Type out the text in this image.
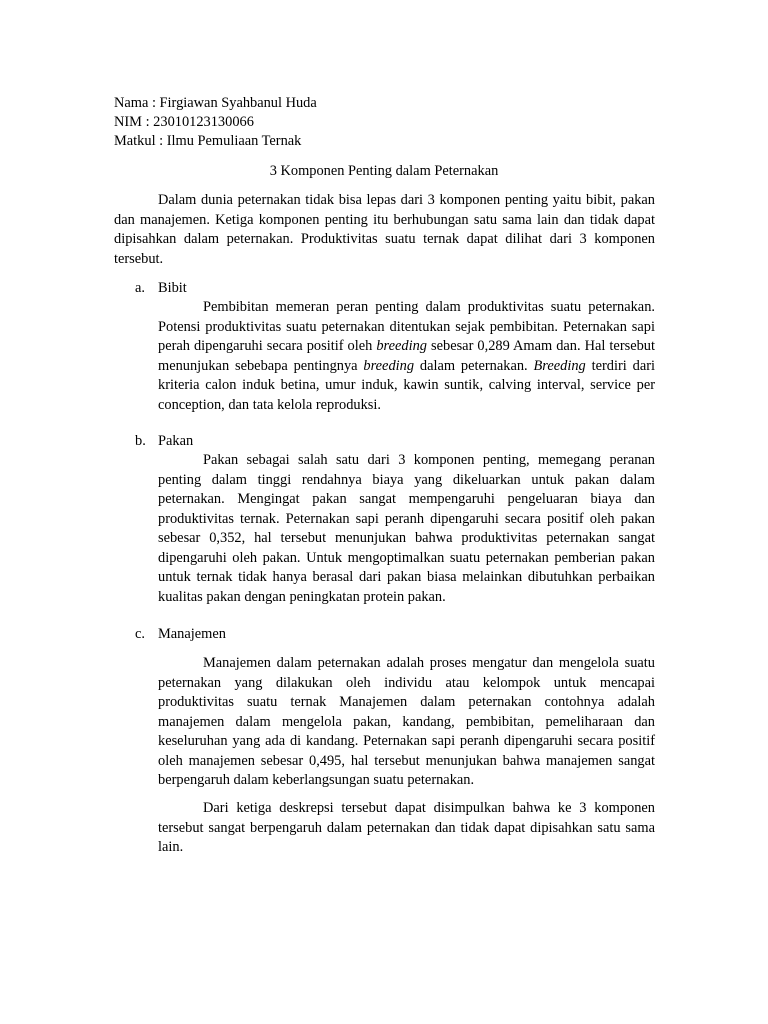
Nama : Firgiawan Syahbanul Huda
NIM : 23010123130066
Matkul : Ilmu Pemuliaan Ternak
3 Komponen Penting dalam Peternakan

Dalam dunia peternakan tidak bisa lepas dari 3 komponen penting yaitu bibit, pakan dan manajemen. Ketiga komponen penting itu berhubungan satu sama lain dan tidak dapat dipisahkan dalam peternakan. Produktivitas suatu ternak dapat dilihat dari 3 komponen tersebut.

a. Bibit

Pembibitan memeran peran penting dalam produktivitas suatu peternakan. Potensi produktivitas suatu peternakan ditentukan sejak pembibitan. Peternakan sapi perah dipengaruhi secara positif oleh breeding sebesar 0,289 Amam dan. Hal tersebut menunjukan sebebapa pentingnya breeding dalam peternakan. Breeding terdiri dari kriteria calon induk betina, umur induk, kawin suntik, calving interval, service per conception, dan tata kelola reproduksi.

b. Pakan

Pakan sebagai salah satu dari 3 komponen penting, memegang peranan penting dalam tinggi rendahnya biaya yang dikeluarkan untuk pakan dalam peternakan. Mengingat pakan sangat mempengaruhi pengeluaran biaya dan produktivitas ternak. Peternakan sapi peranh dipengaruhi secara positif oleh pakan sebesar 0,352, hal tersebut menunjukan bahwa produktivitas peternakan sangat dipengaruhi oleh pakan. Untuk mengoptimalkan suatu peternakan pemberian pakan untuk ternak tidak hanya berasal dari pakan biasa melainkan dibutuhkan perbaikan kualitas pakan dengan peningkatan protein pakan.

c. Manajemen

Manajemen dalam peternakan adalah proses mengatur dan mengelola suatu peternakan yang dilakukan oleh individu atau kelompok untuk mencapai produktivitas suatu ternak Manajemen dalam peternakan contohnya adalah manajemen dalam mengelola pakan, kandang, pembibitan, pemeliharaan dan keseluruhan yang ada di kandang. Peternakan sapi peranh dipengaruhi secara positif oleh manajemen sebesar 0,495, hal tersebut menunjukan bahwa manajemen sangat berpengaruh dalam keberlangsungan suatu peternakan.

Dari ketiga deskrepsi tersebut dapat disimpulkan bahwa ke 3 komponen tersebut sangat berpengaruh dalam peternakan dan tidak dapat dipisahkan satu sama lain.
